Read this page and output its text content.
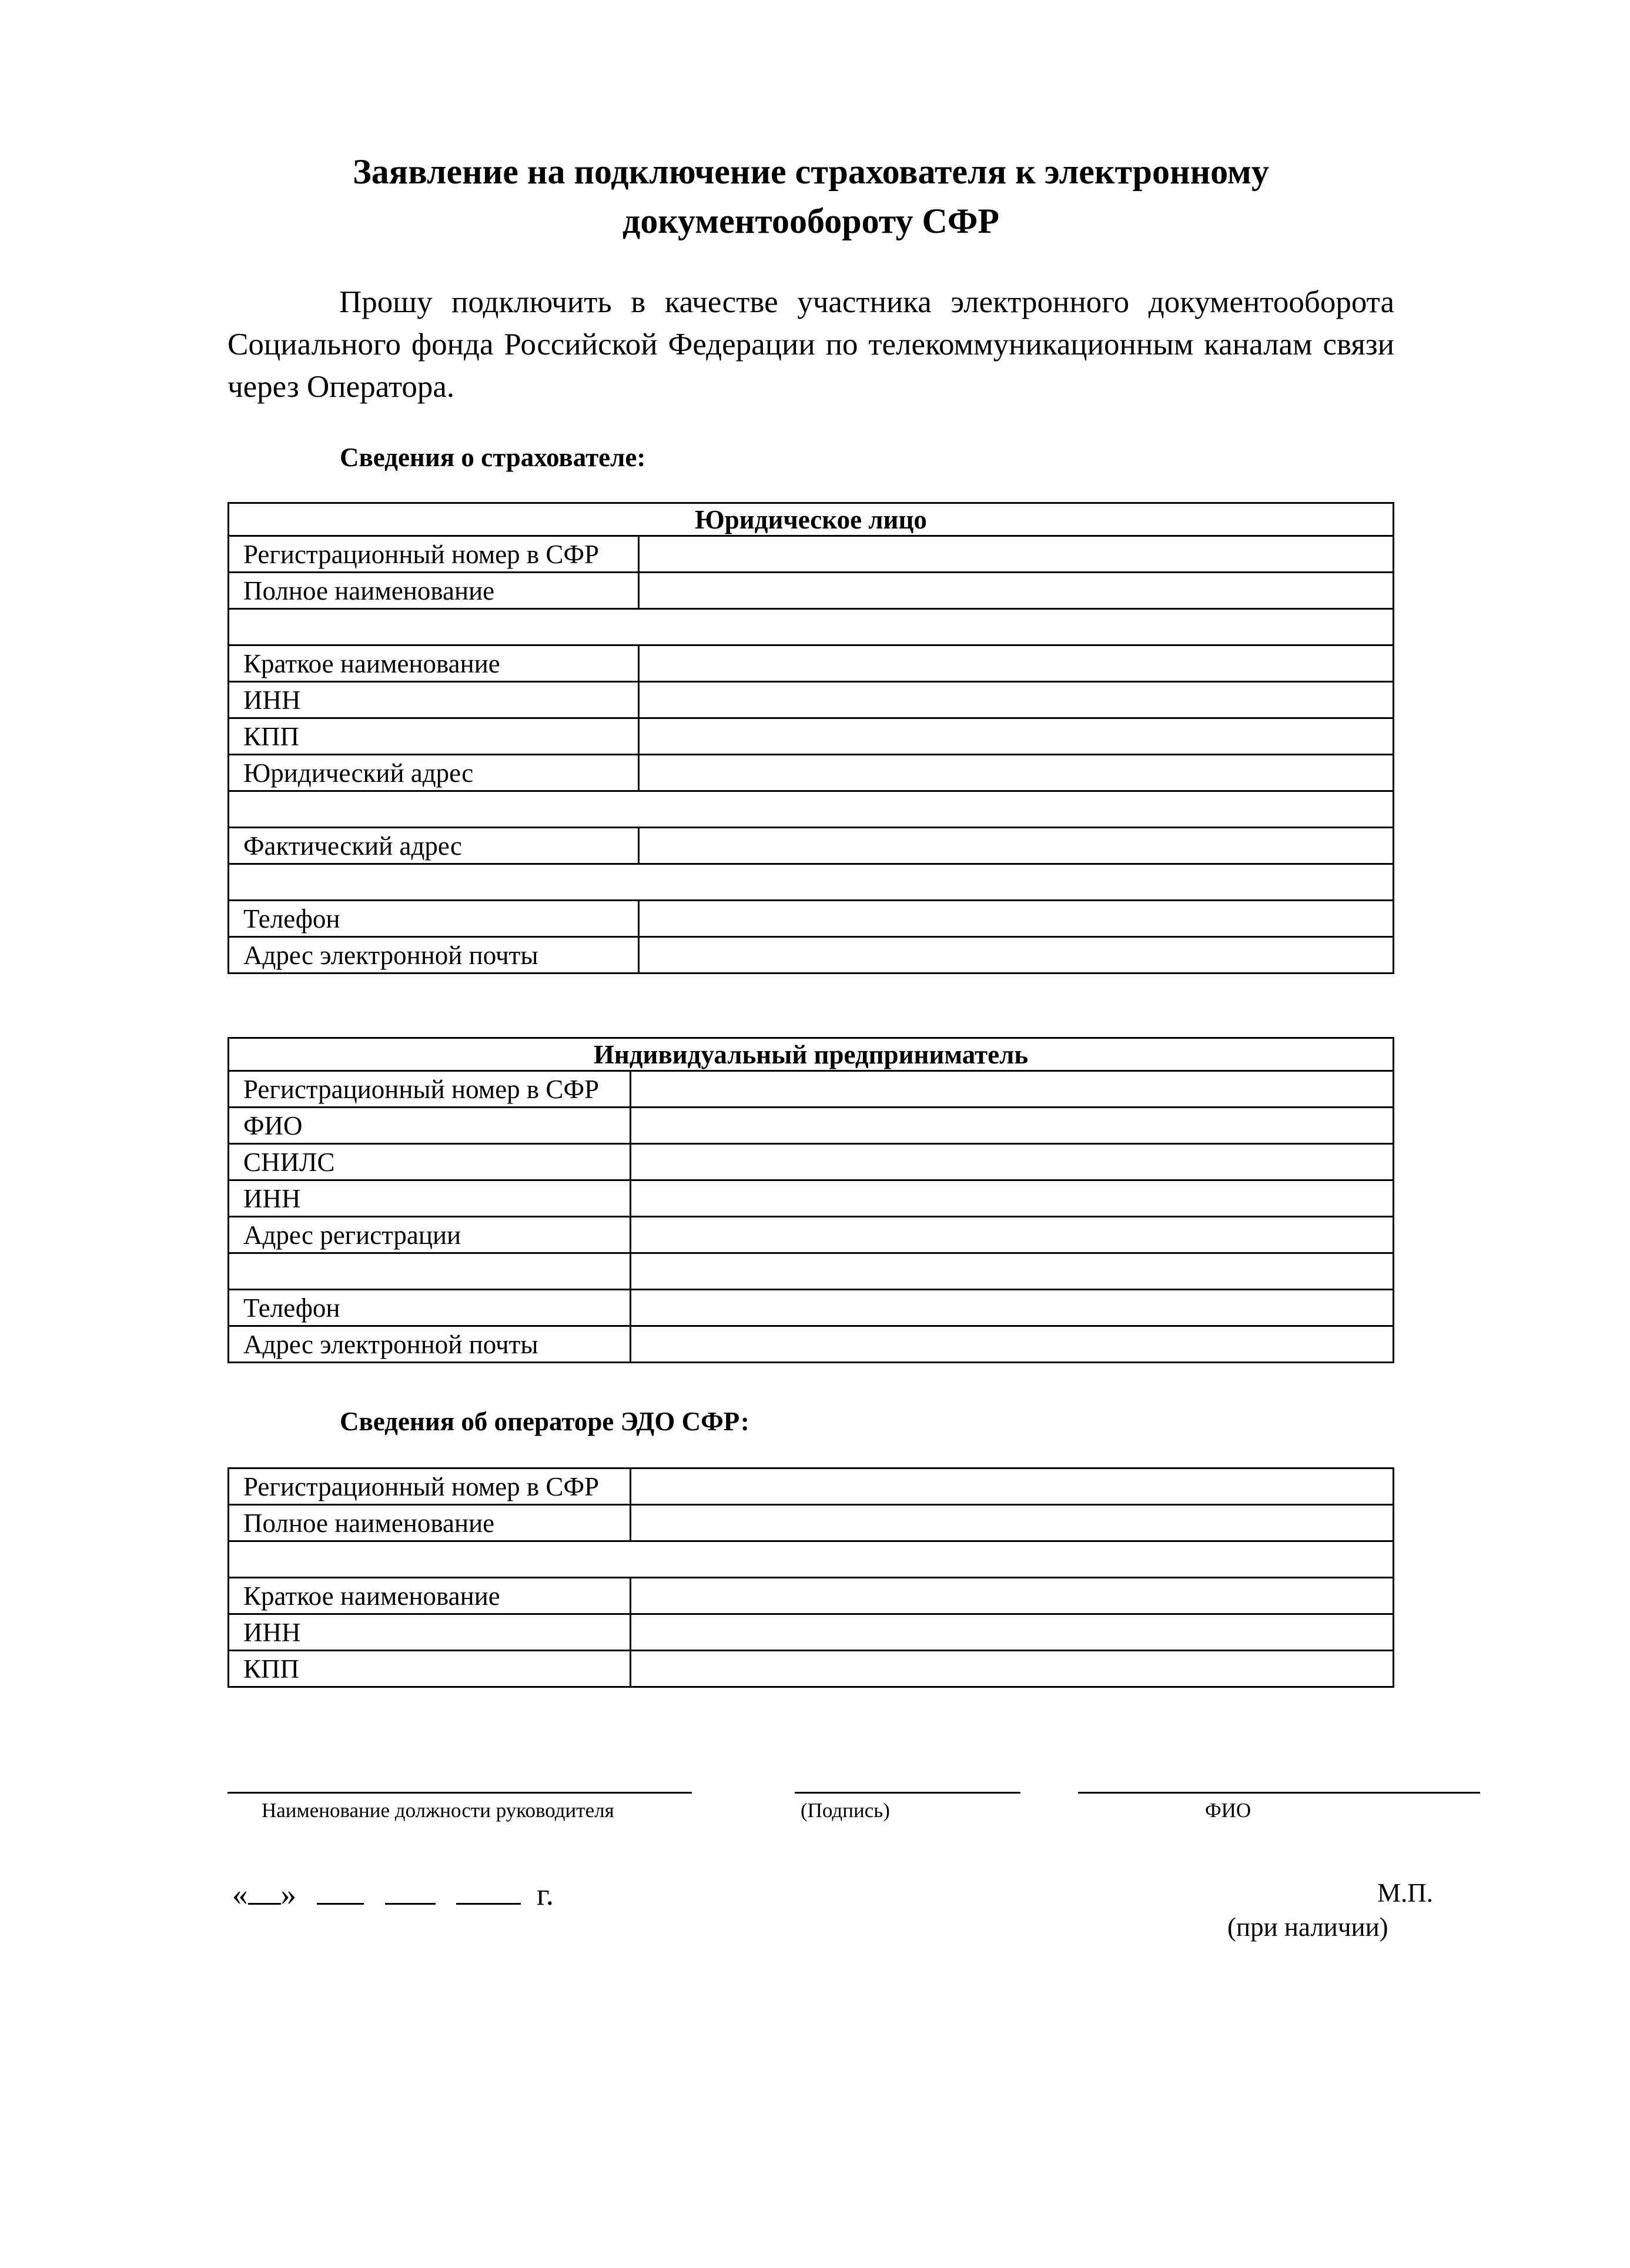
Заявление на подключение страхователя к электронному
документообороту СФР
Прошу подключить в качестве участника электронного документооборота Социального фонда Российской Федерации по телекоммуникационным каналам связи через Оператора.
Сведения о страхователе:
Юридическое лицо	
Регистрационный номер в СФР	
Полное наименование	

Краткое наименование	
ИНН	
КПП	
Юридический адрес	

Фактический адрес	

Телефон	
Адрес электронной почты	
Индивидуальный предприниматель	
Регистрационный номер в СФР	
ФИО	
СНИЛС	
ИНН	
Адрес регистрации	

Телефон	
Адрес электронной почты	
Сведения об операторе ЭДО СФР:
Регистрационный номер в СФР	
Полное наименование	

Краткое наименование	
ИНН	
КПП	
Наименование должности руководителя	(Подпись)	ФИО
« »	г.	М.П.
(при наличии)
